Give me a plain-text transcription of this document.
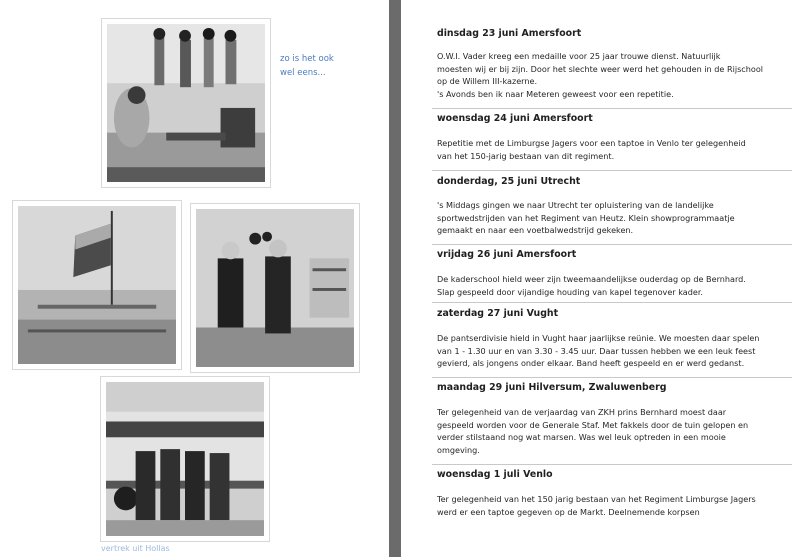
zo is het ook
wel eens...
vertrek uit Hollas
dinsdag 23 juni Amersfoort

O.W.I. Vader kreeg een medaille voor 25 jaar trouwe dienst. Natuurlijk
moesten wij er bij zijn. Door het slechte weer werd het gehouden in de Rijschool
op de Willem III-kazerne.
's Avonds ben ik naar Meteren geweest voor een repetitie.

woensdag 24 juni Amersfoort

Repetitie met de Limburgse Jagers voor een taptoe in Venlo ter gelegenheid
van het 150-jarig bestaan van dit regiment.

donderdag, 25 juni Utrecht

's Middags gingen we naar Utrecht ter opluistering van de landelijke
sportwedstrijden van het Regiment van Heutz. Klein showprogrammaatje
gemaakt en naar een voetbalwedstrijd gekeken.

vrijdag 26 juni Amersfoort

De kaderschool hield weer zijn tweemaandelijkse ouderdag op de Bernhard.
Slap gespeeld door vijandige houding van kapel tegenover kader.

zaterdag 27 juni Vught

De pantserdivisie hield in Vught haar jaarlijkse reünie. We moesten daar spelen
van 1 - 1.30 uur en van 3.30 - 3.45 uur. Daar tussen hebben we een leuk feest
gevierd, als jongens onder elkaar. Band heeft gespeeld en er werd gedanst.

maandag 29 juni Hilversum, Zwaluwenberg

Ter gelegenheid van de verjaardag van ZKH prins Bernhard moest daar
gespeeld worden voor de Generale Staf. Met fakkels door de tuin gelopen en
verder stilstaand nog wat marsen. Was wel leuk optreden in een mooie
omgeving.

woensdag 1 juli Venlo

Ter gelegenheid van het 150 jarig bestaan van het Regiment Limburgse Jagers
werd er een taptoe gegeven op de Markt. Deelnemende korpsen
